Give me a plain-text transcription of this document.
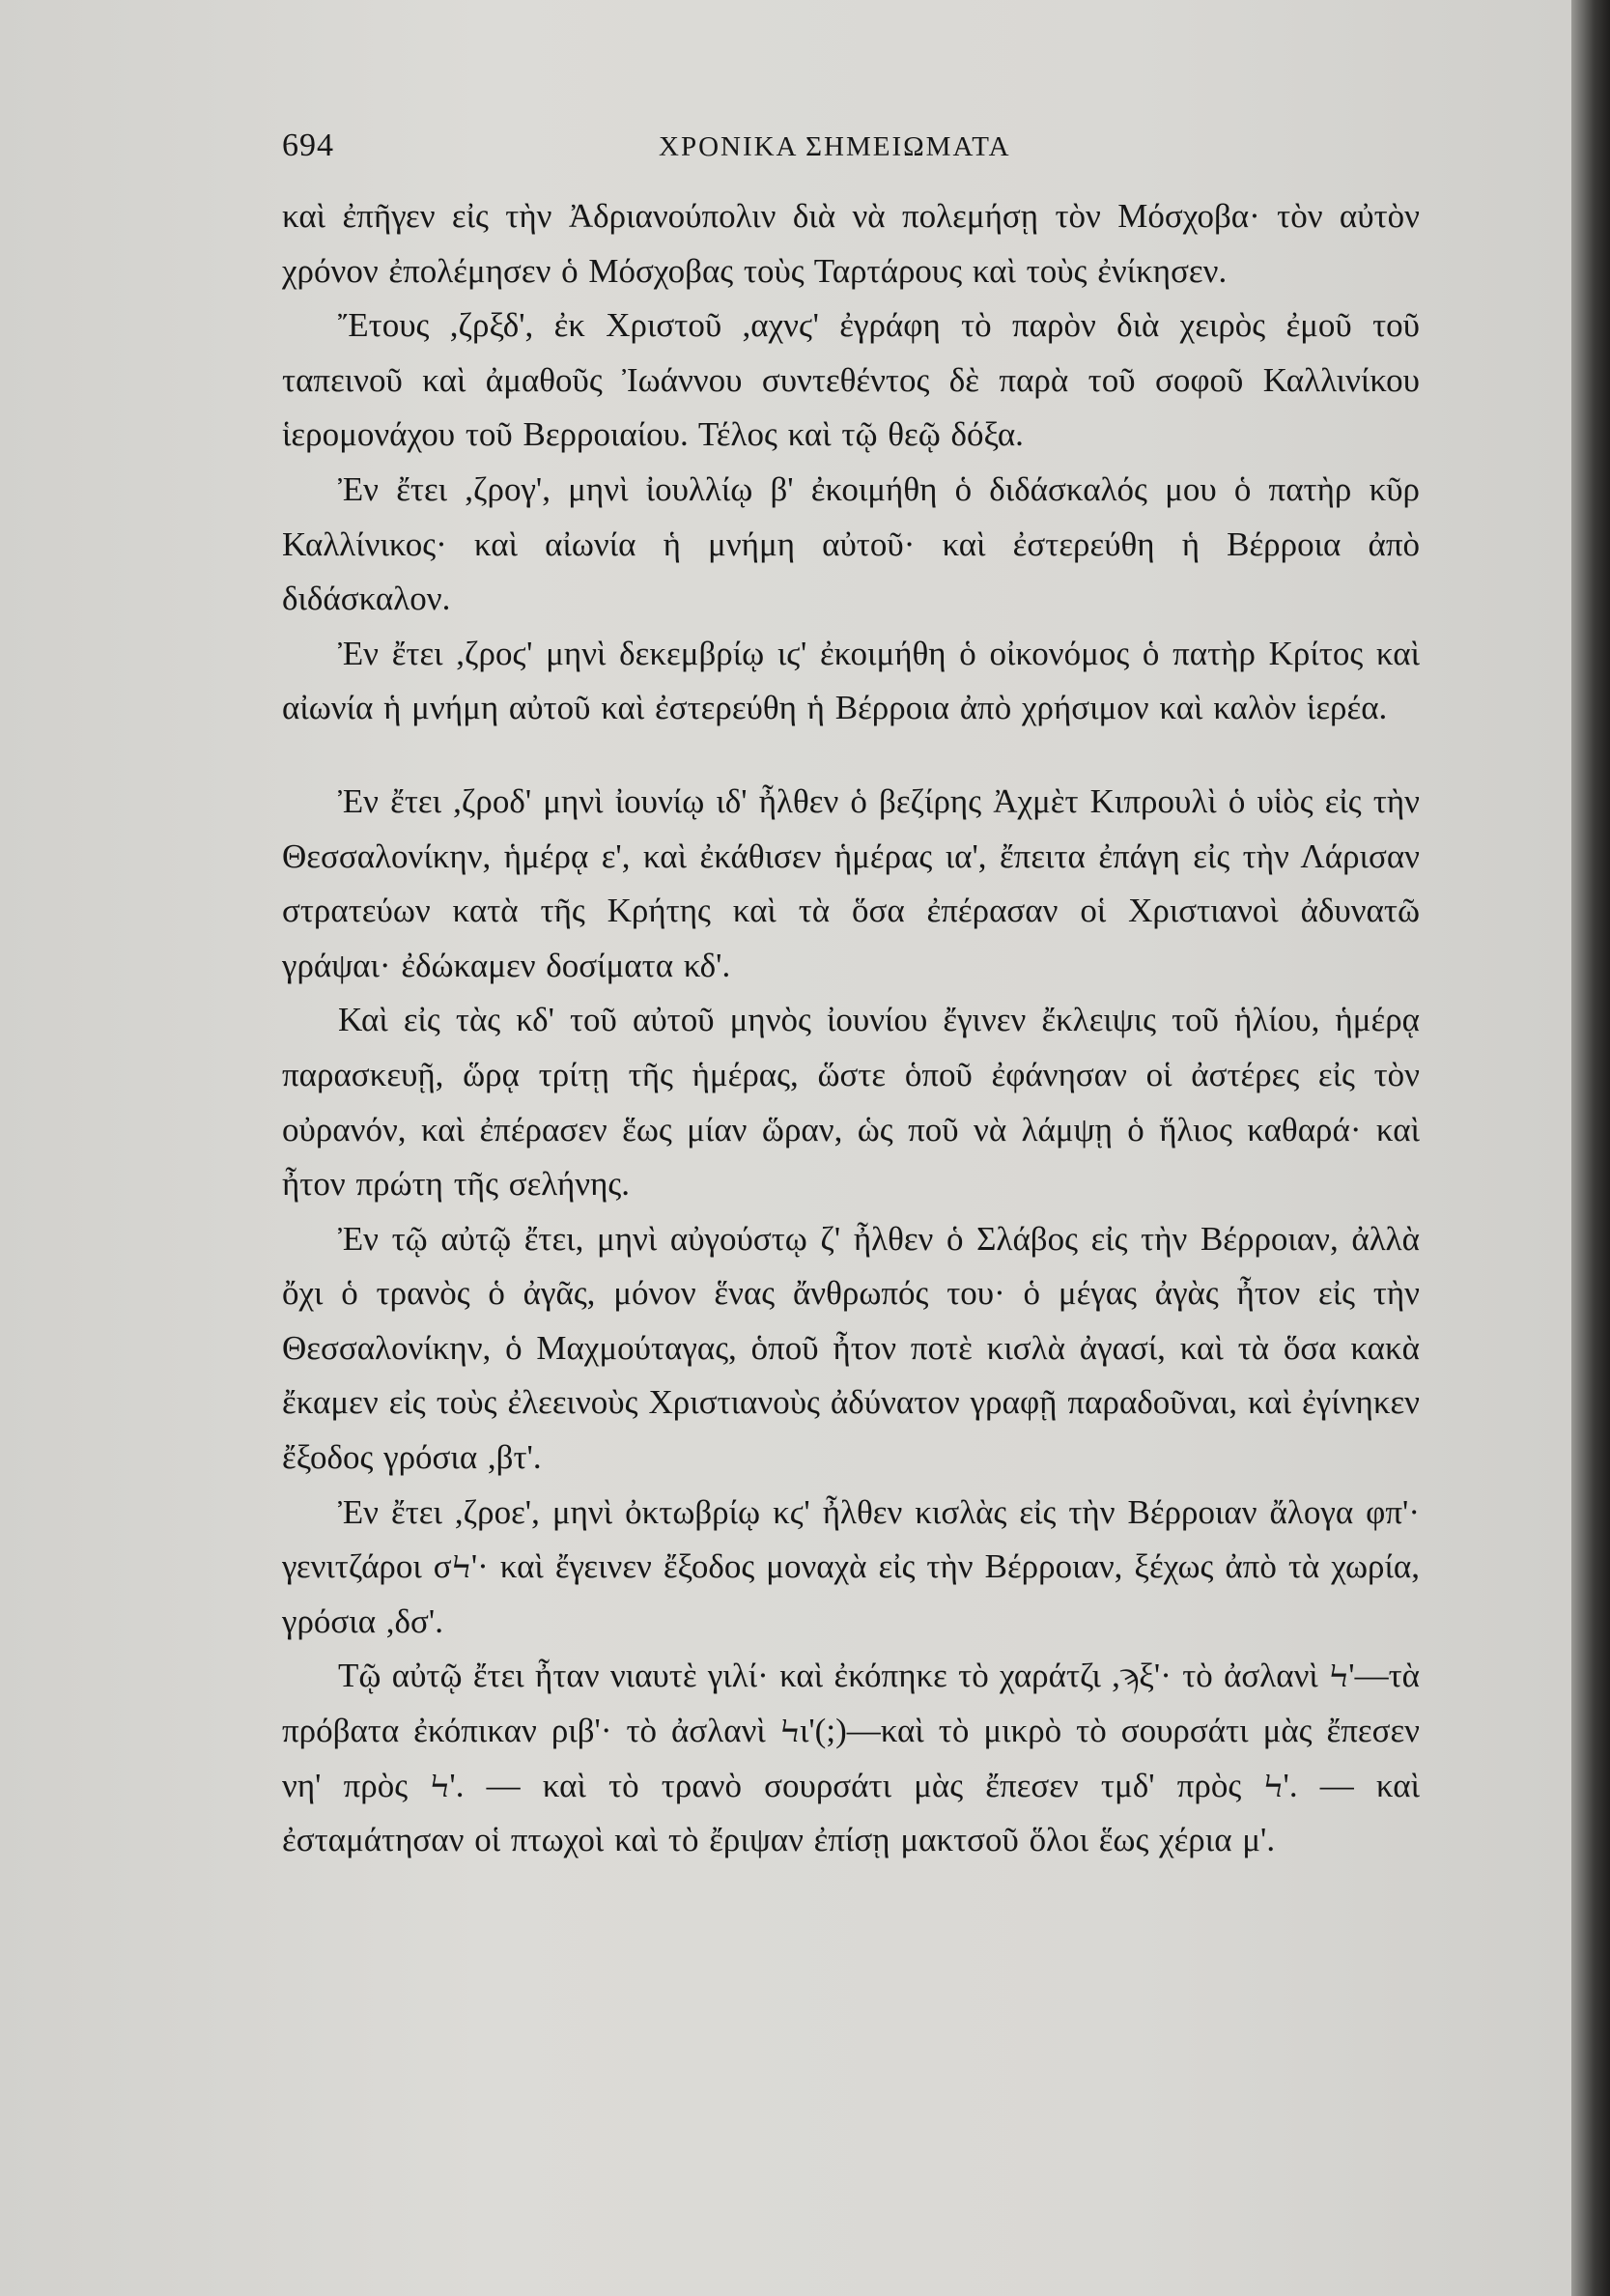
694	ΧΡΟΝΙΚΑ ΣΗΜΕΙΩΜΑΤΑ

καὶ ἐπῆγεν εἰς τὴν Ἀδριανούπολιν διὰ νὰ πολεμήσῃ τὸν Μόσχοβα· τὸν αὐτὸν χρόνον ἐπολέμησεν ὁ Μόσχοβας τοὺς Ταρτάρους καὶ τοὺς ἐνίκησεν.

Ἔτους ,ζρξδ', ἐκ Χριστοῦ ,αχνϛ' ἐγράφη τὸ παρὸν διὰ χειρὸς ἐμοῦ τοῦ ταπεινοῦ καὶ ἀμαθοῦς Ἰωάννου συντεθέντος δὲ παρὰ τοῦ σοφοῦ Καλλινίκου ἱερομονάχου τοῦ Βερροιαίου. Τέλος καὶ τῷ θεῷ δόξα.

Ἐν ἔτει ,ζρογ', μηνὶ ἰουλλίῳ β' ἐκοιμήθη ὁ διδάσκαλός μου ὁ πατὴρ κῦρ Καλλίνικος· καὶ αἰωνία ἡ μνήμη αὐτοῦ· καὶ ἐστερεύθη ἡ Βέρροια ἀπὸ διδάσκαλον.

Ἐν ἔτει ,ζροϛ' μηνὶ δεκεμβρίῳ ιϛ' ἐκοιμήθη ὁ οἰκονόμος ὁ πατὴρ Κρίτος καὶ αἰωνία ἡ μνήμη αὐτοῦ καὶ ἐστερεύθη ἡ Βέρροια ἀπὸ χρήσιμον καὶ καλὸν ἱερέα.

Ἐν ἔτει ,ζροδ' μηνὶ ἰουνίῳ ιδ' ἦλθεν ὁ βεζίρης Ἀχμὲτ Κιπρουλὶ ὁ υἱὸς εἰς τὴν Θεσσαλονίκην, ἡμέρᾳ ε', καὶ ἐκάθισεν ἡμέρας ια', ἔπειτα ἐπάγη εἰς τὴν Λάρισαν στρατεύων κατὰ τῆς Κρήτης καὶ τὰ ὅσα ἐπέρασαν οἱ Χριστιανοὶ ἀδυνατῶ γράψαι· ἐδώκαμεν δοσίματα κδ'.

Καὶ εἰς τὰς κδ' τοῦ αὐτοῦ μηνὸς ἰουνίου ἔγινεν ἔκλειψις τοῦ ἡλίου, ἡμέρᾳ παρασκευῇ, ὥρᾳ τρίτῃ τῆς ἡμέρας, ὥστε ὁποῦ ἐφάνησαν οἱ ἀστέρες εἰς τὸν οὐρανόν, καὶ ἐπέρασεν ἕως μίαν ὥραν, ὡς ποῦ νὰ λάμψῃ ὁ ἥλιος καθαρά· καὶ ἦτον πρώτη τῆς σελήνης.

Ἐν τῷ αὐτῷ ἔτει, μηνὶ αὐγούστῳ ζ' ἦλθεν ὁ Σλάβος εἰς τὴν Βέρροιαν, ἀλλὰ ὄχι ὁ τρανὸς ὁ ἀγᾶς, μόνον ἕνας ἄνθρωπός του· ὁ μέγας ἀγὰς ἦτον εἰς τὴν Θεσσαλονίκην, ὁ Μαχμούταγας, ὁποῦ ἦτον ποτὲ κισλὰ ἀγασί, καὶ τὰ ὅσα κακὰ ἔκαμεν εἰς τοὺς ἐλεεινοὺς Χριστιανοὺς ἀδύνατον γραφῇ παραδοῦναι, καὶ ἐγίνηκεν ἔξοδος γρόσια ,βτ'.

Ἐν ἔτει ,ζροε', μηνὶ ὀκτωβρίῳ κϛ' ἦλθεν κισλὰς εἰς τὴν Βέρροιαν ἄλογα φπ'· γενιτζάροι σϞ'· καὶ ἔγεινεν ἔξοδος μοναχὰ εἰς τὴν Βέρροιαν, ξέχως ἀπὸ τὰ χωρία, γρόσια ,δσ'.

Τῷ αὐτῷ ἔτει ἦταν νιαυτὲ γιλί· καὶ ἐκόπηκε τὸ χαράτζι ,ϡξ'· τὸ ἀσλανὶ Ϟ'—τὰ πρόβατα ἐκόπικαν ριβ'· τὸ ἀσλανὶ Ϟι'(;)—καὶ τὸ μικρὸ τὸ σουρσάτι μὰς ἔπεσεν νη' πρὸς Ϟ'. — καὶ τὸ τρανὸ σουρσάτι μὰς ἔπεσεν τμδ' πρὸς Ϟ'. — καὶ ἐσταμάτησαν οἱ πτωχοὶ καὶ τὸ ἔριψαν ἐπίσῃ μακτσοῦ ὅλοι ἕως χέρια μ'.
